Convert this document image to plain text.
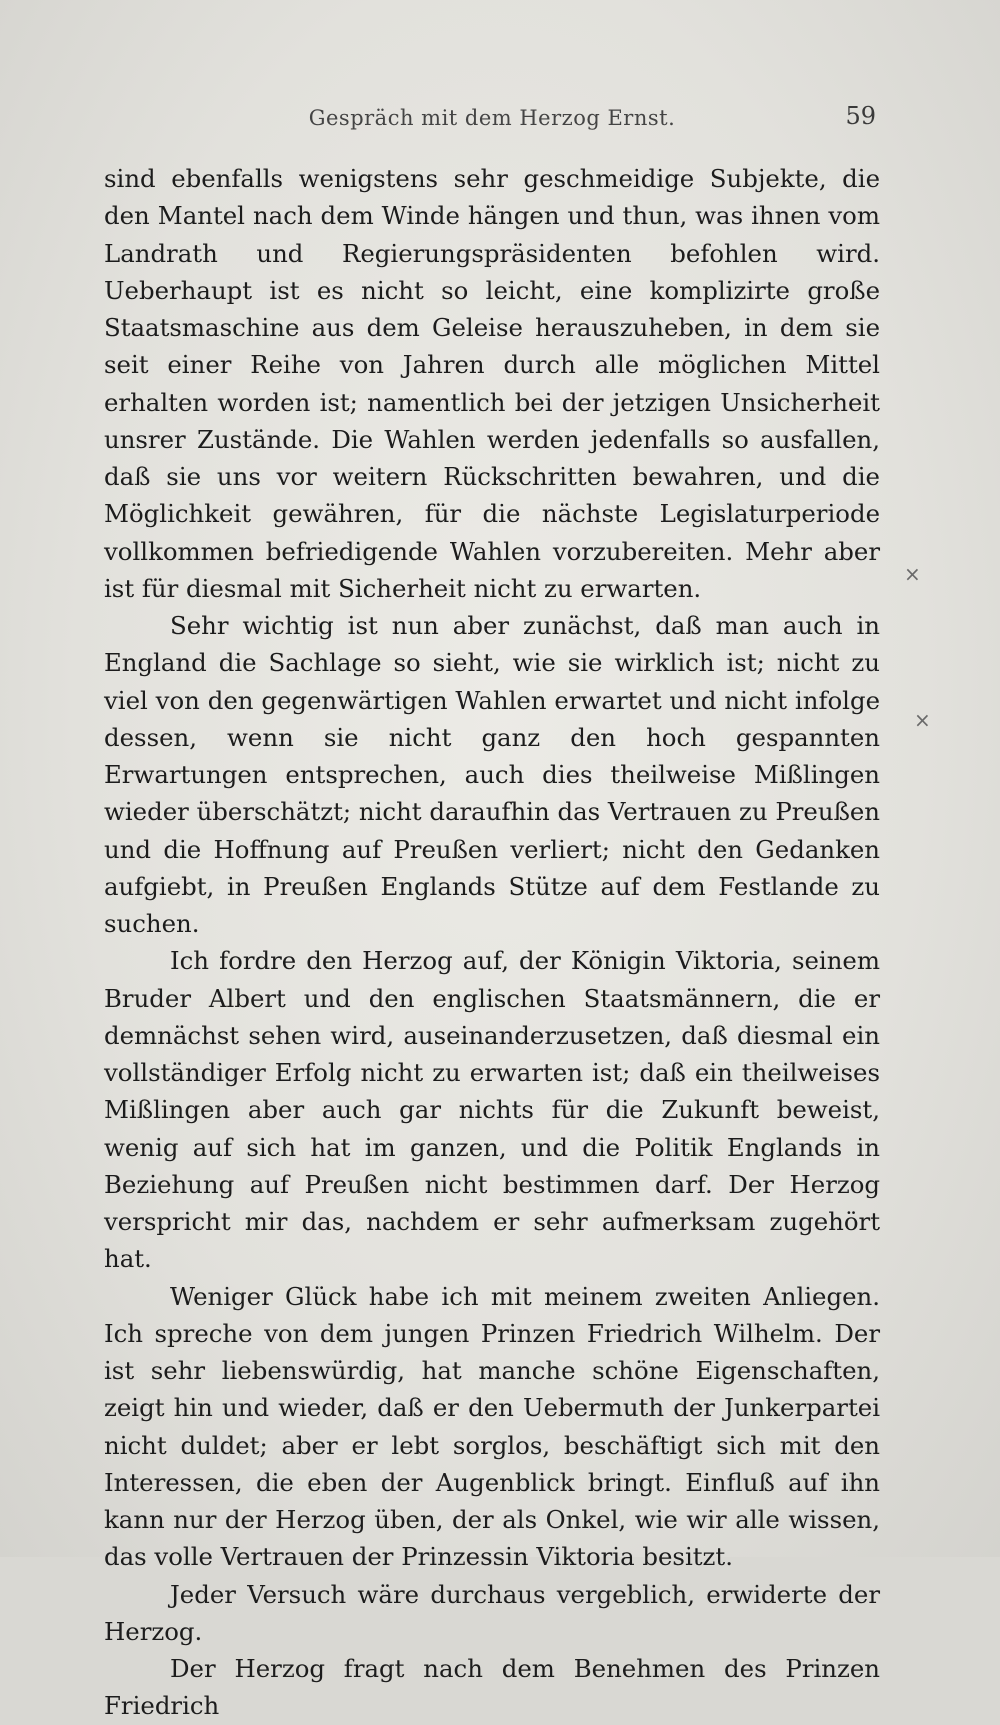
Gespräch mit dem Herzog Ernst.	59

sind ebenfalls wenigstens sehr geschmeidige Subjekte, die den Mantel nach dem Winde hängen und thun, was ihnen vom Landrath und Regierungspräsidenten befohlen wird. Ueberhaupt ist es nicht so leicht, eine komplizirte große Staatsmaschine aus dem Geleise herauszuheben, in dem sie seit einer Reihe von Jahren durch alle möglichen Mittel erhalten worden ist; namentlich bei der jetzigen Unsicherheit unsrer Zustände. Die Wahlen werden jedenfalls so ausfallen, daß sie uns vor weitern Rückschritten bewahren, und die Möglichkeit gewähren, für die nächste Legislaturperiode vollkommen befriedigende Wahlen vorzubereiten. Mehr aber ist für diesmal mit Sicherheit nicht zu erwarten.

Sehr wichtig ist nun aber zunächst, daß man auch in England die Sachlage so sieht, wie sie wirklich ist; nicht zu viel von den gegenwärtigen Wahlen erwartet und nicht infolge dessen, wenn sie nicht ganz den hoch gespannten Erwartungen entsprechen, auch dies theilweise Mißlingen wieder überschätzt; nicht daraufhin das Vertrauen zu Preußen und die Hoffnung auf Preußen verliert; nicht den Gedanken aufgiebt, in Preußen Englands Stütze auf dem Festlande zu suchen.

Ich fordre den Herzog auf, der Königin Viktoria, seinem Bruder Albert und den englischen Staatsmännern, die er demnächst sehen wird, auseinanderzusetzen, daß diesmal ein vollständiger Erfolg nicht zu erwarten ist; daß ein theilweises Mißlingen aber auch gar nichts für die Zukunft beweist, wenig auf sich hat im ganzen, und die Politik Englands in Beziehung auf Preußen nicht bestimmen darf. Der Herzog verspricht mir das, nachdem er sehr aufmerksam zugehört hat.

Weniger Glück habe ich mit meinem zweiten Anliegen. Ich spreche von dem jungen Prinzen Friedrich Wilhelm. Der ist sehr liebenswürdig, hat manche schöne Eigenschaften, zeigt hin und wieder, daß er den Uebermuth der Junkerpartei nicht duldet; aber er lebt sorglos, beschäftigt sich mit den Interessen, die eben der Augenblick bringt. Einfluß auf ihn kann nur der Herzog üben, der als Onkel, wie wir alle wissen, das volle Vertrauen der Prinzessin Viktoria besitzt.

Jeder Versuch wäre durchaus vergeblich, erwiderte der Herzog.

Der Herzog fragt nach dem Benehmen des Prinzen Friedrich

×
×
